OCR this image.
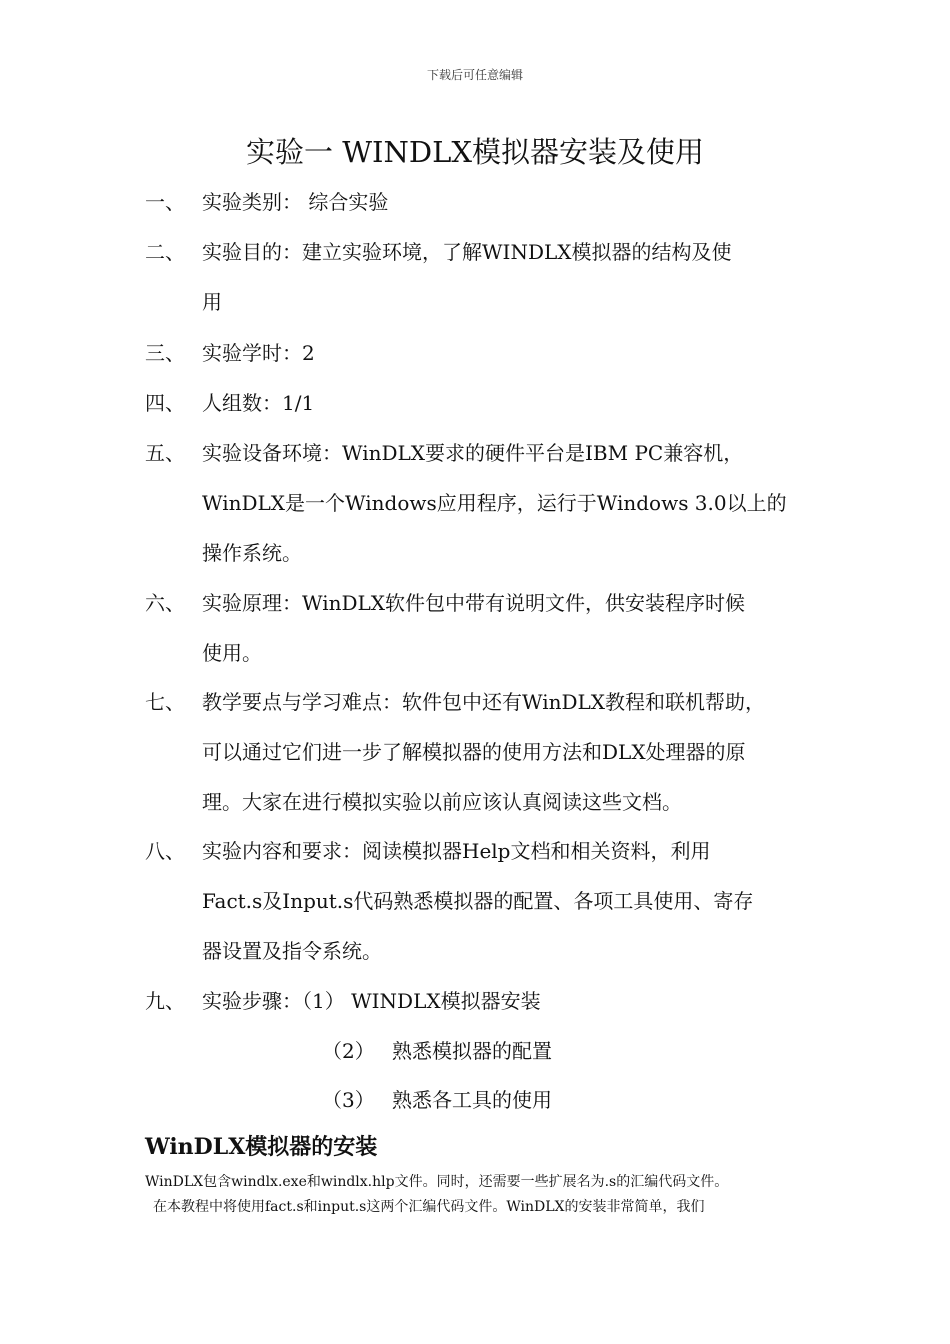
下载后可任意编辑
实验一 WINDLX模拟器安装及使用
一、 实验类别： 综合实验
二、 实验目的：建立实验环境，了解WINDLX模拟器的结构及使
用
三、 实验学时：2
四、 人组数：1/1
五、 实验设备环境：WinDLX要求的硬件平台是IBM PC兼容机，
WinDLX是一个Windows应用程序，运行于Windows 3.0以上的
操作系统。
六、 实验原理：WinDLX软件包中带有说明文件，供安装程序时候
使用。
七、 教学要点与学习难点：软件包中还有WinDLX教程和联机帮助，
可以通过它们进一步了解模拟器的使用方法和DLX处理器的原
理。大家在进行模拟实验以前应该认真阅读这些文档。
八、 实验内容和要求：阅读模拟器Help文档和相关资料，利用
Fact.s及Input.s代码熟悉模拟器的配置、各项工具使用、寄存
器设置及指令系统。
九、 实验步骤：（1） WINDLX模拟器安装
（2） 熟悉模拟器的配置
（3） 熟悉各工具的使用
WinDLX模拟器的安装
WinDLX包含windlx.exe和windlx.hlp文件。同时，还需要一些扩展名为.s的汇编代码文件。
在本教程中将使用fact.s和input.s这两个汇编代码文件。WinDLX的安装非常简单，我们
